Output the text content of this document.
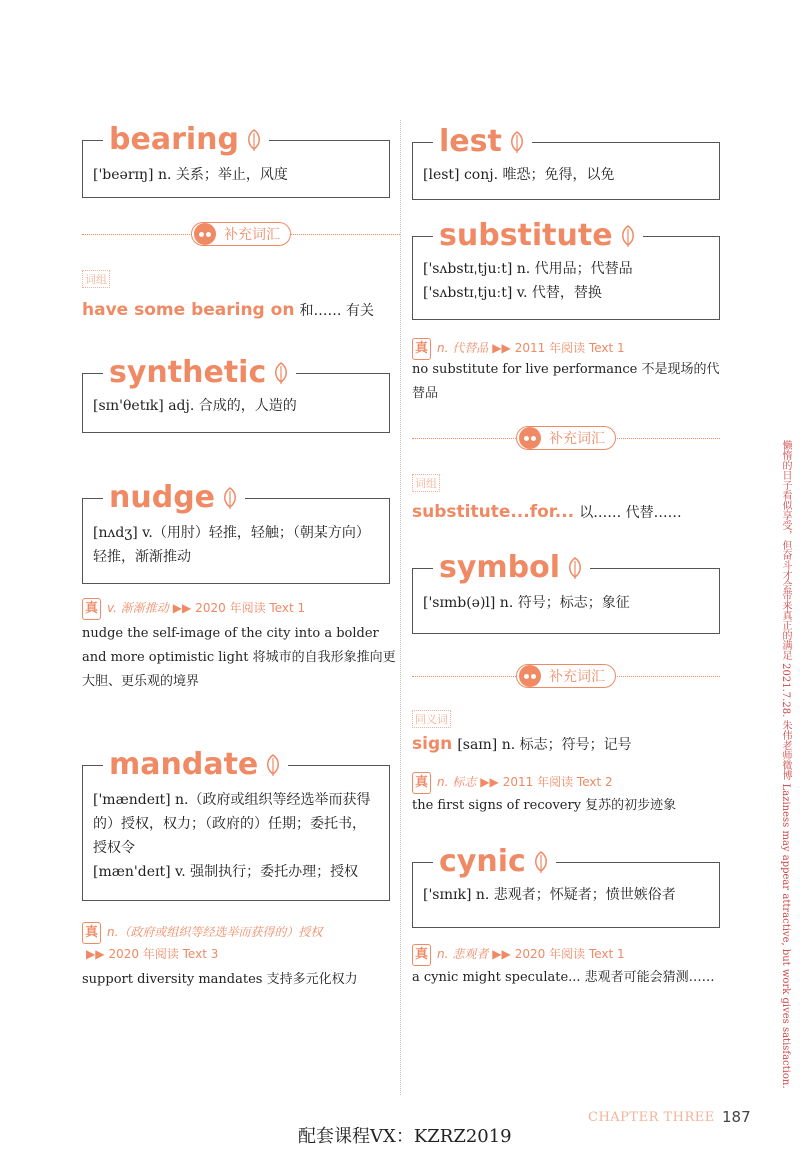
bearing
['beərɪŋ] n. 关系；举止，风度
补充词汇
词组
have some bearing on 和…… 有关
synthetic
[sɪn'θetɪk] adj. 合成的，人造的
nudge
[nʌdʒ] v.（用肘）轻推，轻触；（朝某方向）轻推，渐渐推动
真 v. 渐渐推动 ▶▶ 2020 年阅读 Text 1
nudge the self-image of the city into a bolder and more optimistic light 将城市的自我形象推向更大胆、更乐观的境界
mandate
['mændeɪt] n.（政府或组织等经选举而获得的）授权，权力；（政府的）任期；委托书，授权令
[mæn'deɪt] v. 强制执行；委托办理；授权
真 n.（政府或组织等经选举而获得的）授权
▶▶ 2020 年阅读 Text 3
support diversity mandates 支持多元化权力
lest
[lest] conj. 唯恐；免得，以免
substitute
['sʌbstɪˌtjuːt] n. 代用品；代替品
['sʌbstɪˌtjuːt] v. 代替，替换
真 n. 代替品 ▶▶ 2011 年阅读 Text 1
no substitute for live performance 不是现场的代替品
补充词汇
词组
substitute...for... 以…… 代替……
symbol
['sɪmb(ə)l] n. 符号；标志；象征
补充词汇
同义词
sign [saɪn] n. 标志；符号；记号
真 n. 标志 ▶▶ 2011 年阅读 Text 2
the first signs of recovery 复苏的初步迹象
cynic
['sɪnɪk] n. 悲观者；怀疑者；愤世嫉俗者
真 n. 悲观者 ▶▶ 2020 年阅读 Text 1
a cynic might speculate... 悲观者可能会猜测……	懒惰的日子看似享受，但奋斗才会带来真正的满足 2021.7.28. 朱伟老师微博 Laziness may appear attractive, but work gives satisfaction.
CHAPTER THREE 187
配套课程VX：KZRZ2019
